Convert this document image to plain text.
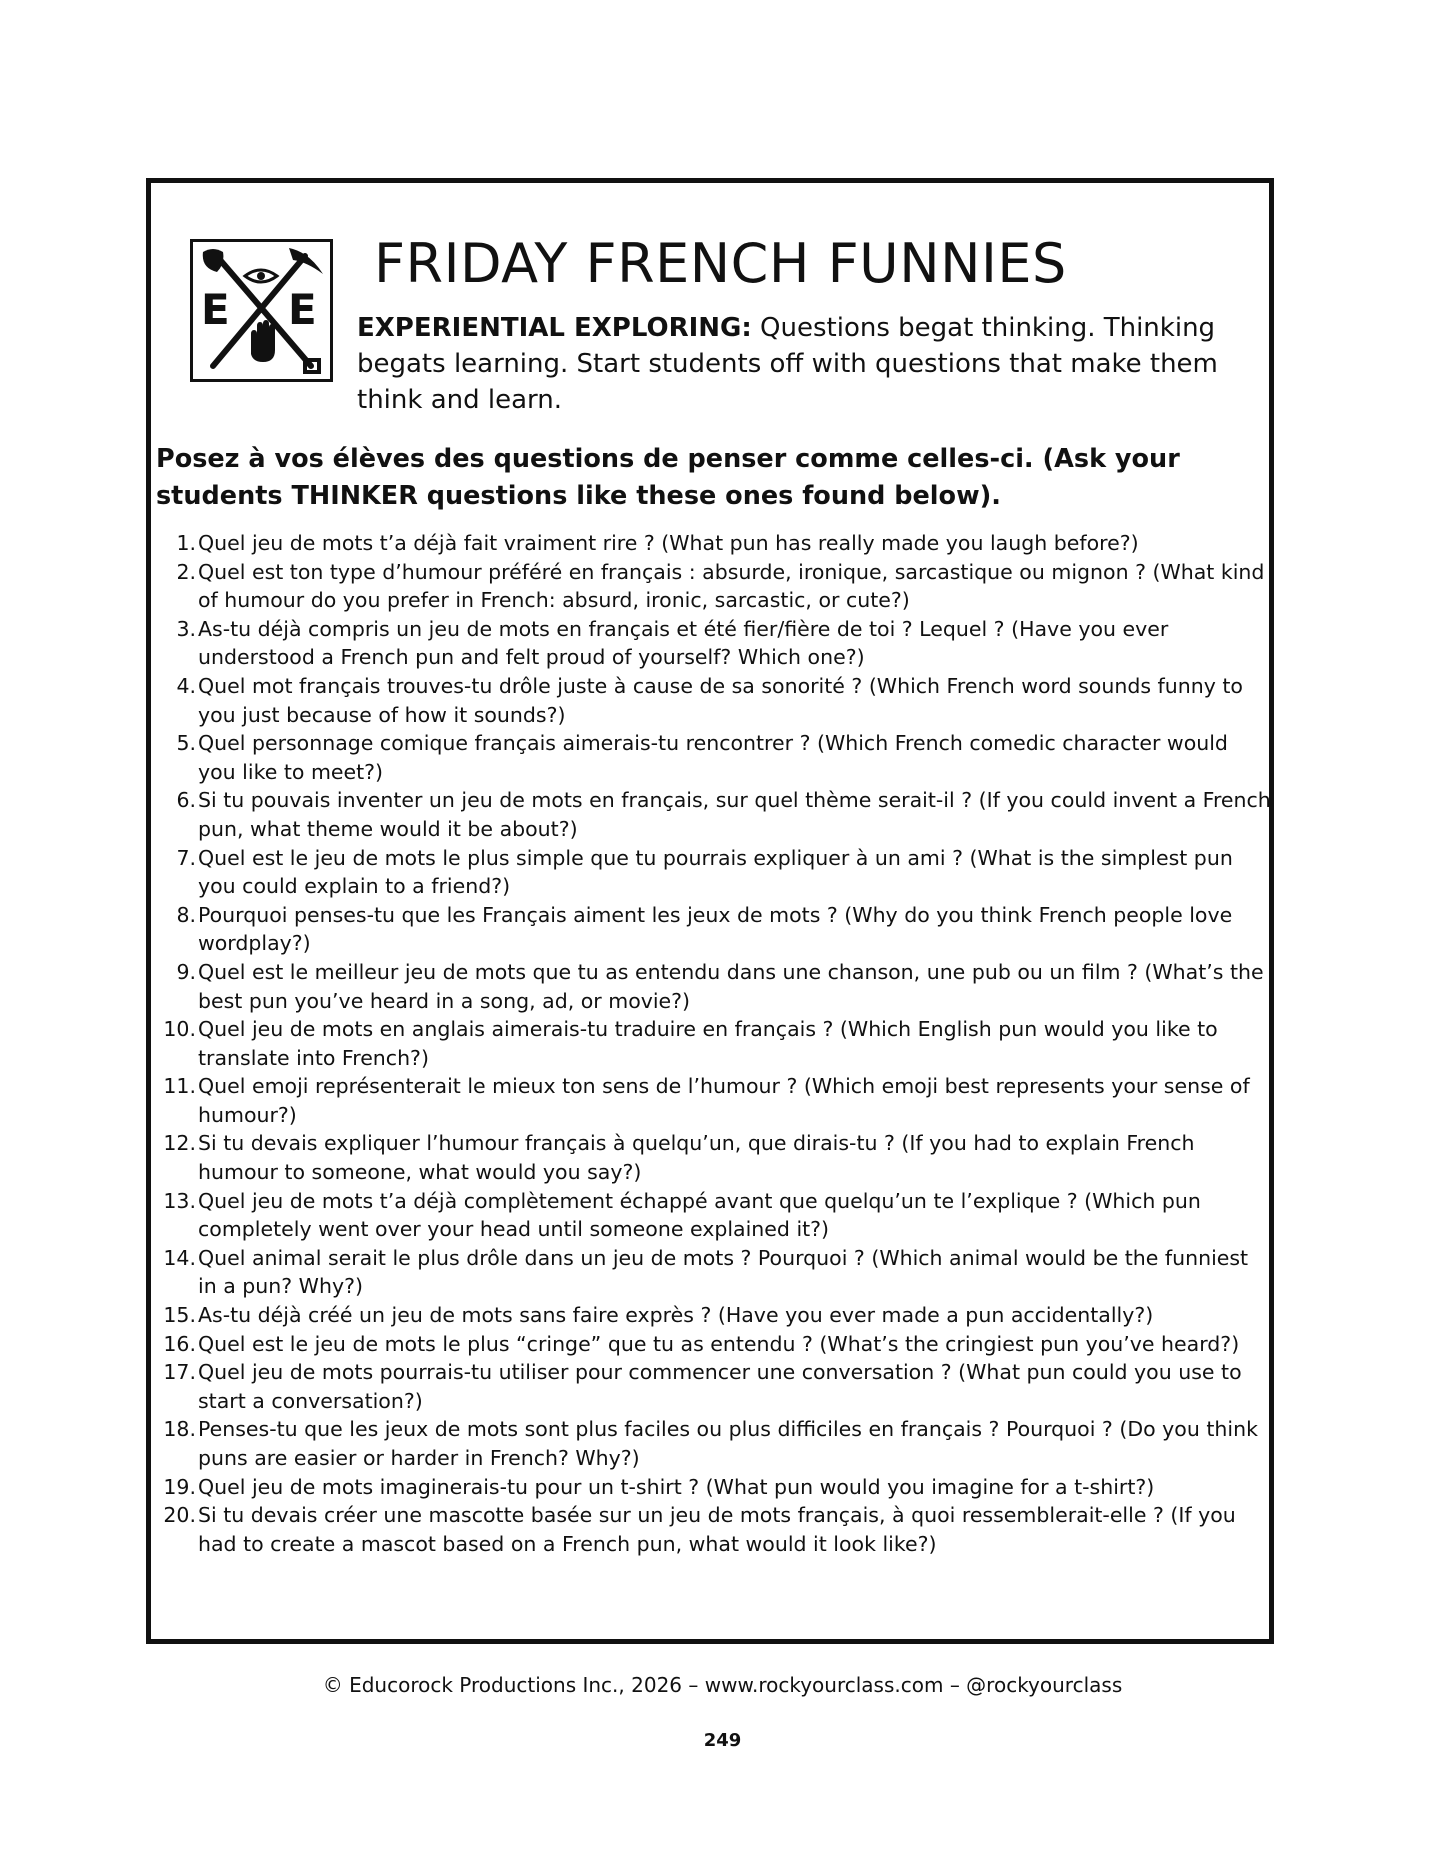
E E
FRIDAY FRENCH FUNNIES
EXPERIENTIAL EXPLORING: Questions begat thinking. Thinking begats learning. Start students off with questions that make them think and learn.
Posez à vos élèves des questions de penser comme celles-ci. (Ask your students THINKER questions like these ones found below).
1. Quel jeu de mots t’a déjà fait vraiment rire ? (What pun has really made you laugh before?)
2. Quel est ton type d’humour préféré en français : absurde, ironique, sarcastique ou mignon ? (What kind of humour do you prefer in French: absurd, ironic, sarcastic, or cute?)
3. As-tu déjà compris un jeu de mots en français et été fier/fière de toi ? Lequel ? (Have you ever understood a French pun and felt proud of yourself? Which one?)
4. Quel mot français trouves-tu drôle juste à cause de sa sonorité ? (Which French word sounds funny to you just because of how it sounds?)
5. Quel personnage comique français aimerais-tu rencontrer ? (Which French comedic character would you like to meet?)
6. Si tu pouvais inventer un jeu de mots en français, sur quel thème serait-il ? (If you could invent a French pun, what theme would it be about?)
7. Quel est le jeu de mots le plus simple que tu pourrais expliquer à un ami ? (What is the simplest pun you could explain to a friend?)
8. Pourquoi penses-tu que les Français aiment les jeux de mots ? (Why do you think French people love wordplay?)
9. Quel est le meilleur jeu de mots que tu as entendu dans une chanson, une pub ou un film ? (What’s the best pun you’ve heard in a song, ad, or movie?)
10. Quel jeu de mots en anglais aimerais-tu traduire en français ? (Which English pun would you like to translate into French?)
11. Quel emoji représenterait le mieux ton sens de l’humour ? (Which emoji best represents your sense of humour?)
12. Si tu devais expliquer l’humour français à quelqu’un, que dirais-tu ? (If you had to explain French humour to someone, what would you say?)
13. Quel jeu de mots t’a déjà complètement échappé avant que quelqu’un te l’explique ? (Which pun completely went over your head until someone explained it?)
14. Quel animal serait le plus drôle dans un jeu de mots ? Pourquoi ? (Which animal would be the funniest in a pun? Why?)
15. As-tu déjà créé un jeu de mots sans faire exprès ? (Have you ever made a pun accidentally?)
16. Quel est le jeu de mots le plus “cringe” que tu as entendu ? (What’s the cringiest pun you’ve heard?)
17. Quel jeu de mots pourrais-tu utiliser pour commencer une conversation ? (What pun could you use to start a conversation?)
18. Penses-tu que les jeux de mots sont plus faciles ou plus difficiles en français ? Pourquoi ? (Do you think puns are easier or harder in French? Why?)
19. Quel jeu de mots imaginerais-tu pour un t-shirt ? (What pun would you imagine for a t-shirt?)
20. Si tu devais créer une mascotte basée sur un jeu de mots français, à quoi ressemblerait-elle ? (If you had to create a mascot based on a French pun, what would it look like?)
© Educorock Productions Inc., 2026 – www.rockyourclass.com – @rockyourclass
249
